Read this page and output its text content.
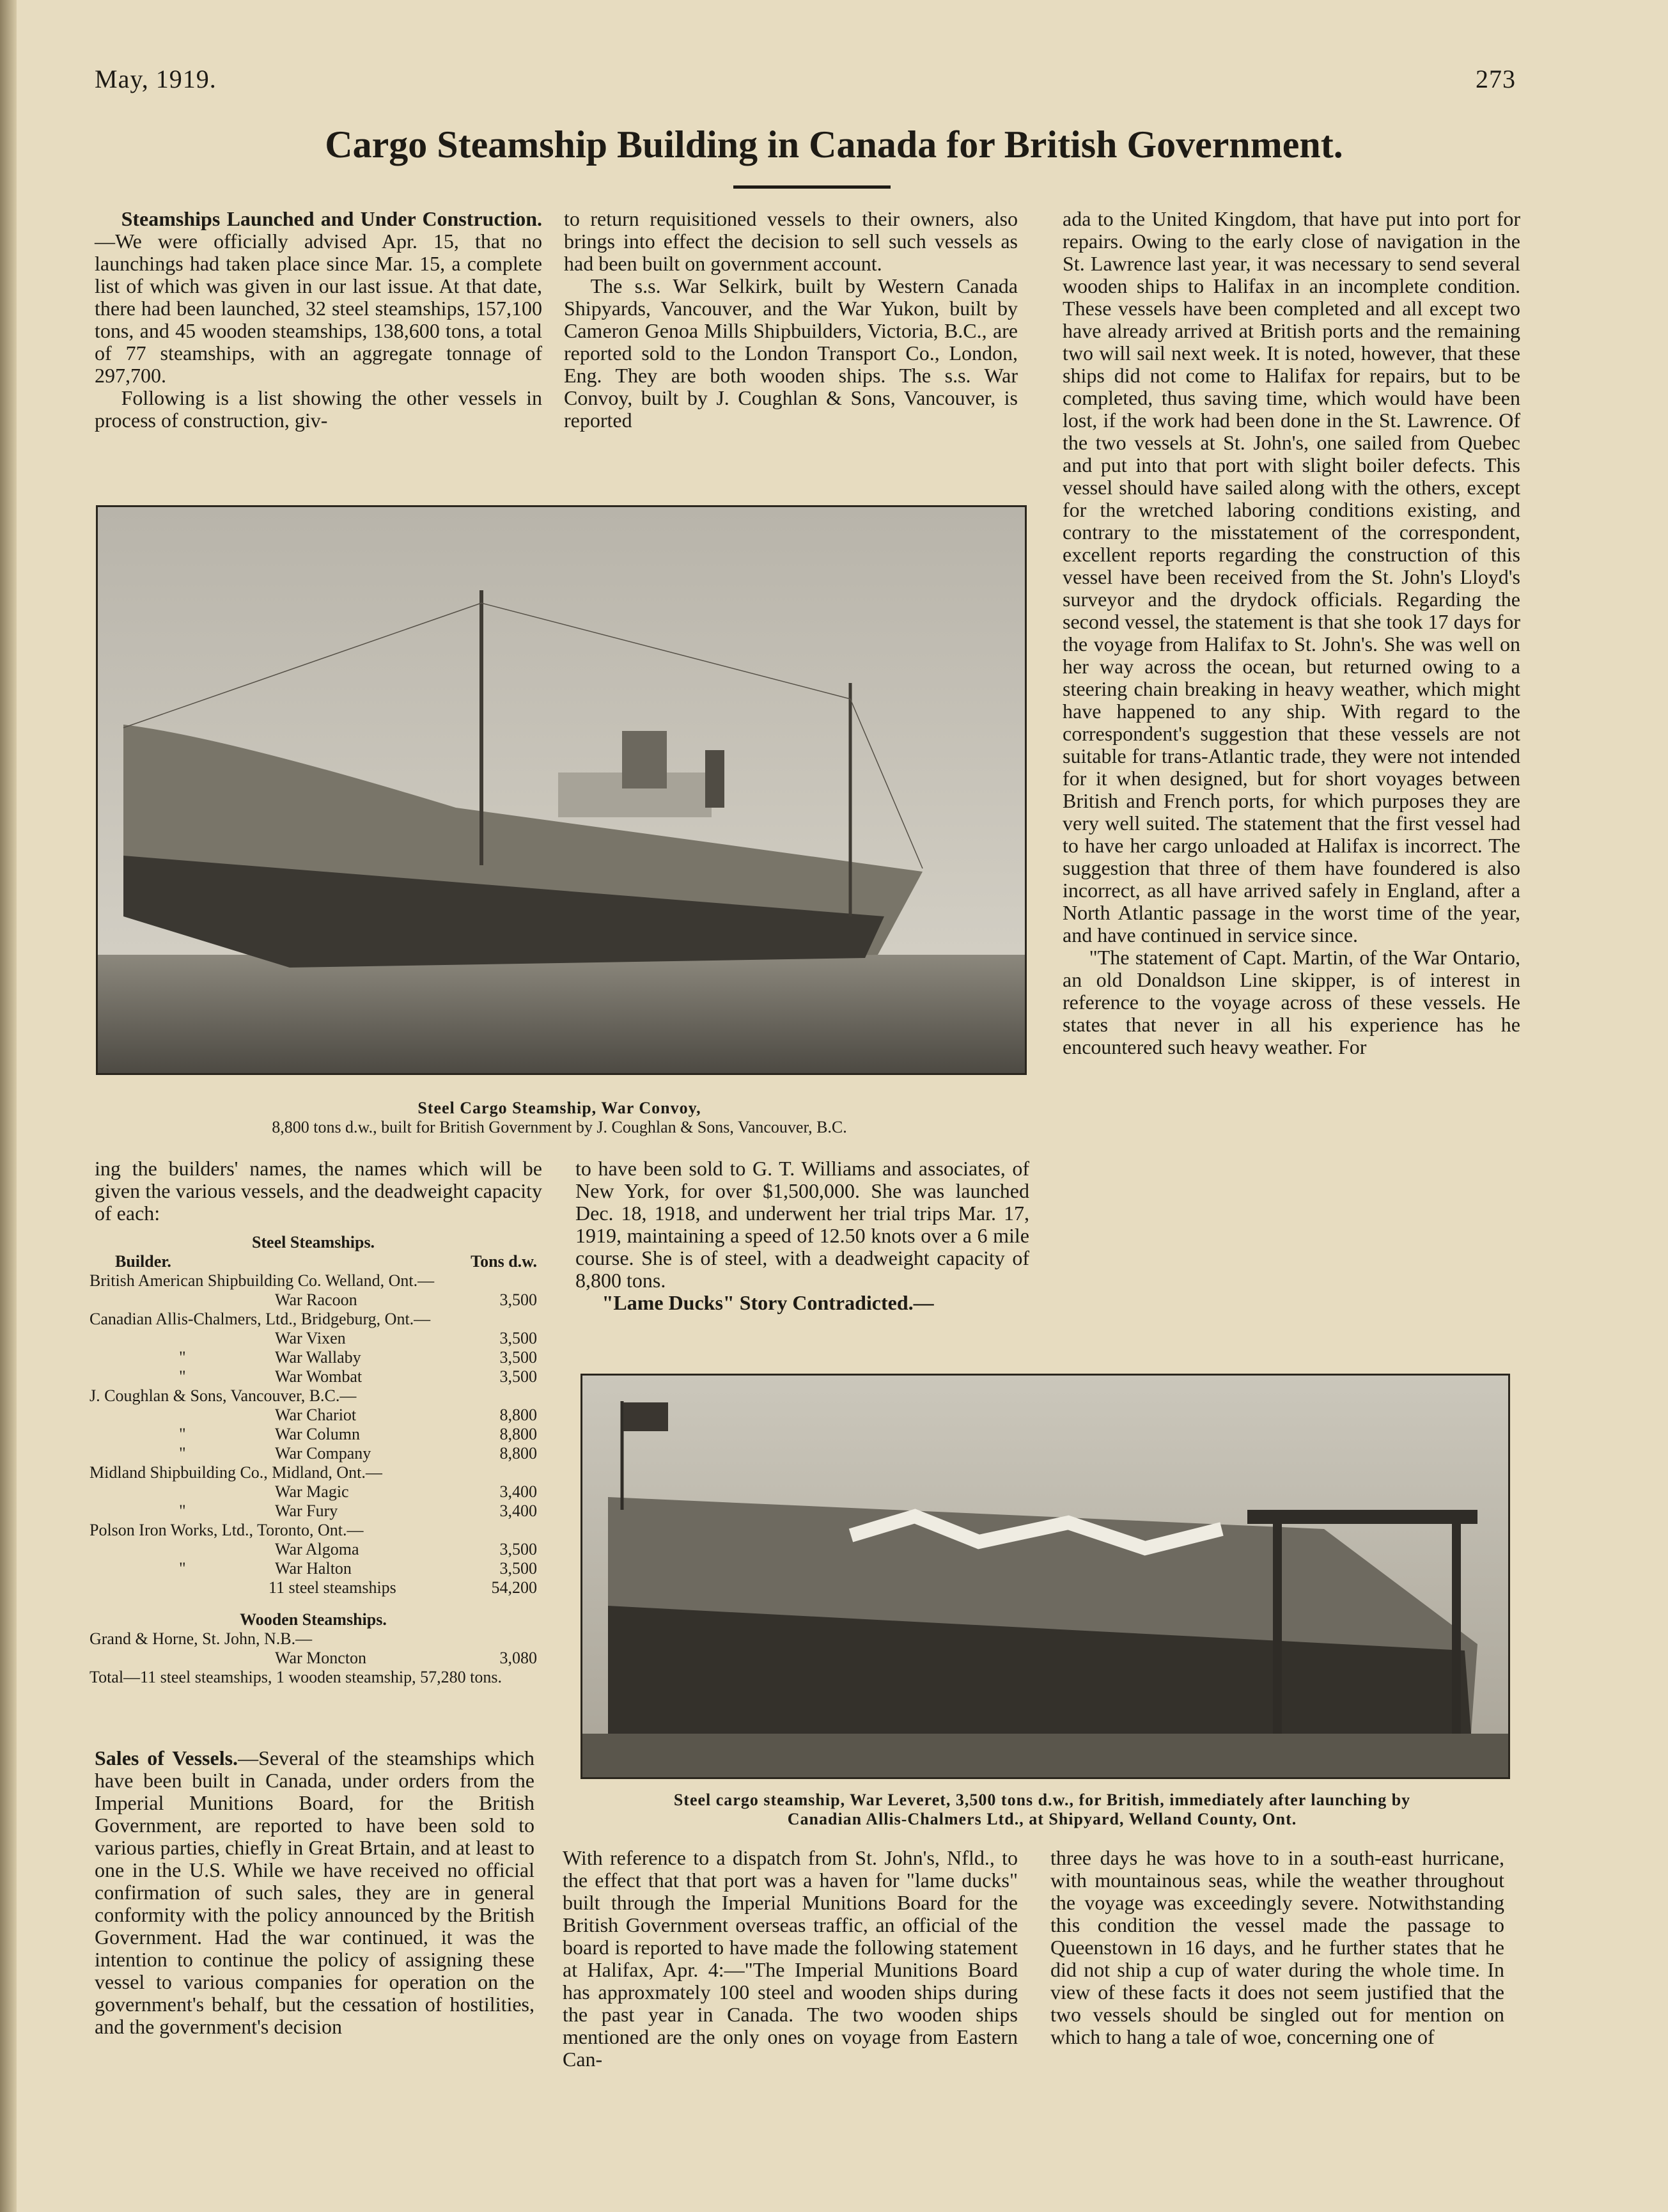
May, 1919.	273
Cargo Steamship Building in Canada for British Government.

Steamships Launched and Under Construction.—We were officially advised Apr. 15, that no launchings had taken place since Mar. 15, a complete list of which was given in our last issue. At that date, there had been launched, 32 steel steamships, 157,100 tons, and 45 wooden steamships, 138,600 tons, a total of 77 steamships, with an aggregate tonnage of 297,700.

Following is a list showing the other vessels in process of construction, giv-

to return requisitioned vessels to their owners, also brings into effect the decision to sell such vessels as had been built on government account.

The s.s. War Selkirk, built by Western Canada Shipyards, Vancouver, and the War Yukon, built by Cameron Genoa Mills Shipbuilders, Victoria, B.C., are reported sold to the London Transport Co., London, Eng. They are both wooden ships. The s.s. War Convoy, built by J. Coughlan & Sons, Vancouver, is reported

ada to the United Kingdom, that have put into port for repairs. Owing to the early close of navigation in the St. Lawrence last year, it was necessary to send several wooden ships to Halifax in an incomplete condition. These vessels have been completed and all except two have already arrived at British ports and the remaining two will sail next week. It is noted, however, that these ships did not come to Halifax for repairs, but to be completed, thus saving time, which would have been lost, if the work had been done in the St. Lawrence. Of the two vessels at St. John's, one sailed from Quebec and put into that port with slight boiler defects. This vessel should have sailed along with the others, except for the wretched laboring conditions existing, and contrary to the misstatement of the correspondent, excellent reports regarding the construction of this vessel have been received from the St. John's Lloyd's surveyor and the drydock officials. Regarding the second vessel, the statement is that she took 17 days for the voyage from Halifax to St. John's. She was well on her way across the ocean, but returned owing to a steering chain breaking in heavy weather, which might have happened to any ship. With regard to the correspondent's suggestion that these vessels are not suitable for trans-Atlantic trade, they were not intended for it when designed, but for short voyages between British and French ports, for which purposes they are very well suited. The statement that the first vessel had to have her cargo unloaded at Halifax is incorrect. The suggestion that three of them have foundered is also incorrect, as all have arrived safely in England, after a North Atlantic passage in the worst time of the year, and have continued in service since.

"The statement of Capt. Martin, of the War Ontario, an old Donaldson Line skipper, is of interest in reference to the voyage across of these vessels. He states that never in all his experience has he encountered such heavy weather. For

Steel Cargo Steamship, War Convoy,
8,800 tons d.w., built for British Government by J. Coughlan & Sons, Vancouver, B.C.

ing the builders' names, the names which will be given the various vessels, and the deadweight capacity of each:

Steel Steamships.
Builder.	Tons d.w.
British American Shipbuilding Co. Welland, Ont.—
War Racoon	3,500
Canadian Allis-Chalmers, Ltd., Bridgeburg, Ont.—
War Vixen	3,500
"	War Wallaby	3,500
"	War Wombat	3,500
J. Coughlan & Sons, Vancouver, B.C.—
War Chariot	8,800
"	War Column	8,800
"	War Company	8,800
Midland Shipbuilding Co., Midland, Ont.—
War Magic	3,400
"	War Fury	3,400
Polson Iron Works, Ltd., Toronto, Ont.—
War Algoma	3,500
"	War Halton	3,500
11 steel steamships	54,200
Wooden Steamships.
Grand & Horne, St. John, N.B.—
War Moncton	3,080
Total—11 steel steamships, 1 wooden steamship, 57,280 tons.

to have been sold to G. T. Williams and associates, of New York, for over $1,500,000. She was launched Dec. 18, 1918, and underwent her trial trips Mar. 17, 1919, maintaining a speed of 12.50 knots over a 6 mile course. She is of steel, with a deadweight capacity of 8,800 tons.

"Lame Ducks" Story Contradicted.—

Steel cargo steamship, War Leveret, 3,500 tons d.w., for British, immediately after launching by
Canadian Allis-Chalmers Ltd., at Shipyard, Welland County, Ont.

Sales of Vessels.—Several of the steamships which have been built in Canada, under orders from the Imperial Munitions Board, for the British Government, are reported to have been sold to various parties, chiefly in Great Brtain, and at least to one in the U.S. While we have received no official confirmation of such sales, they are in general conformity with the policy announced by the British Government. Had the war continued, it was the intention to continue the policy of assigning these vessel to various companies for operation on the government's behalf, but the cessation of hostilities, and the government's decision

With reference to a dispatch from St. John's, Nfld., to the effect that that port was a haven for "lame ducks" built through the Imperial Munitions Board for the British Government overseas traffic, an official of the board is reported to have made the following statement at Halifax, Apr. 4:—"The Imperial Munitions Board has approxmately 100 steel and wooden ships during the past year in Canada. The two wooden ships mentioned are the only ones on voyage from Eastern Can-

three days he was hove to in a south-east hurricane, with mountainous seas, while the weather throughout the voyage was exceedingly severe. Notwithstanding this condition the vessel made the passage to Queenstown in 16 days, and he further states that he did not ship a cup of water during the whole time. In view of these facts it does not seem justified that the two vessels should be singled out for mention on which to hang a tale of woe, concerning one of
